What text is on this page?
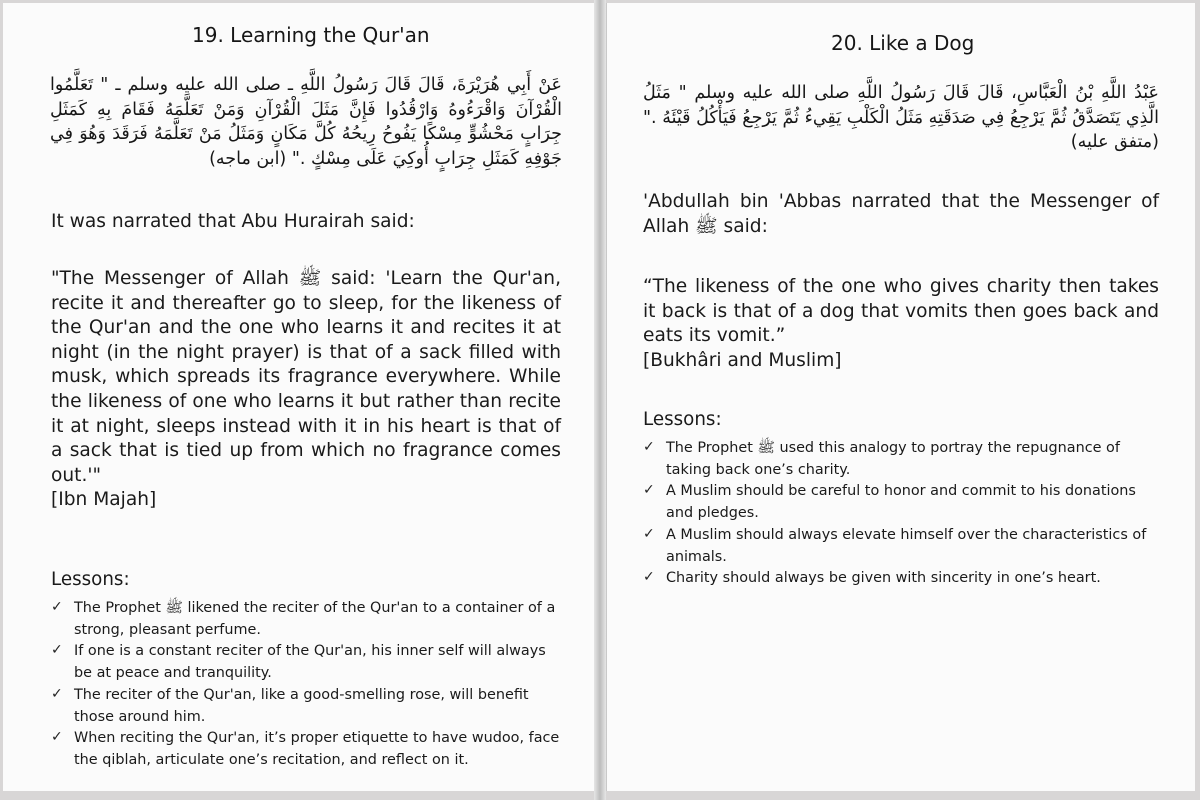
19. Learning the Qur'an
عَنْ أَبِي هُرَيْرَةَ، قَالَ قَالَ رَسُولُ اللَّهِ ـ صلى الله عليه وسلم ـ " تَعَلَّمُوا الْقُرْآنَ وَاقْرَءُوهُ وَارْقُدُوا فَإِنَّ مَثَلَ الْقُرْآنِ وَمَنْ تَعَلَّمَهُ فَقَامَ بِهِ كَمَثَلِ جِرَابٍ مَحْشُوٍّ مِسْكًا يَفُوحُ رِيحُهُ كُلَّ مَكَانٍ وَمَثَلُ مَنْ تَعَلَّمَهُ فَرَقَدَ وَهُوَ فِي جَوْفِهِ كَمَثَلِ جِرَابٍ أُوكِيَ عَلَى مِسْكٍ ." (ابن ماجه)
It was narrated that Abu Hurairah said:

"The Messenger of Allah ﷺ said: 'Learn the Qur'an, recite it and thereafter go to sleep, for the likeness of the Qur'an and the one who learns it and recites it at night (in the night prayer) is that of a sack filled with musk, which spreads its fragrance everywhere. While the likeness of one who learns it but rather than recite it at night, sleeps instead with it in his heart is that of a sack that is tied up from which no fragrance comes out.'"

[Ibn Majah]

Lessons:
✓ The Prophet ﷺ likened the reciter of the Qur'an to a container of a strong, pleasant perfume.
✓ If one is a constant reciter of the Qur'an, his inner self will always be at peace and tranquility.
✓ The reciter of the Qur'an, like a good-smelling rose, will benefit those around him.
✓ When reciting the Qur'an, it’s proper etiquette to have wudoo, face the qiblah, articulate one’s recitation, and reflect on it.
20. Like a Dog
عَبْدُ اللَّهِ بْنُ الْعَبَّاسِ، قَالَ قَالَ رَسُولُ اللَّهِ صلى الله عليه وسلم " مَثَلُ الَّذِي يَتَصَدَّقُ ثُمَّ يَرْجِعُ فِي صَدَقَتِهِ مَثَلُ الْكَلْبِ يَقِيءُ ثُمَّ يَرْجِعُ فَيَأْكُلُ قَيْئَهُ ." (متفق عليه)

'Abdullah bin 'Abbas narrated that the Messenger of Allah ﷺ said:

“The likeness of the one who gives charity then takes it back is that of a dog that vomits then goes back and eats its vomit.”

[Bukhâri and Muslim]

Lessons:
✓ The Prophet ﷺ used this analogy to portray the repugnance of taking back one’s charity.
✓ A Muslim should be careful to honor and commit to his donations and pledges.
✓ A Muslim should always elevate himself over the characteristics of animals.
✓ Charity should always be given with sincerity in one’s heart.
